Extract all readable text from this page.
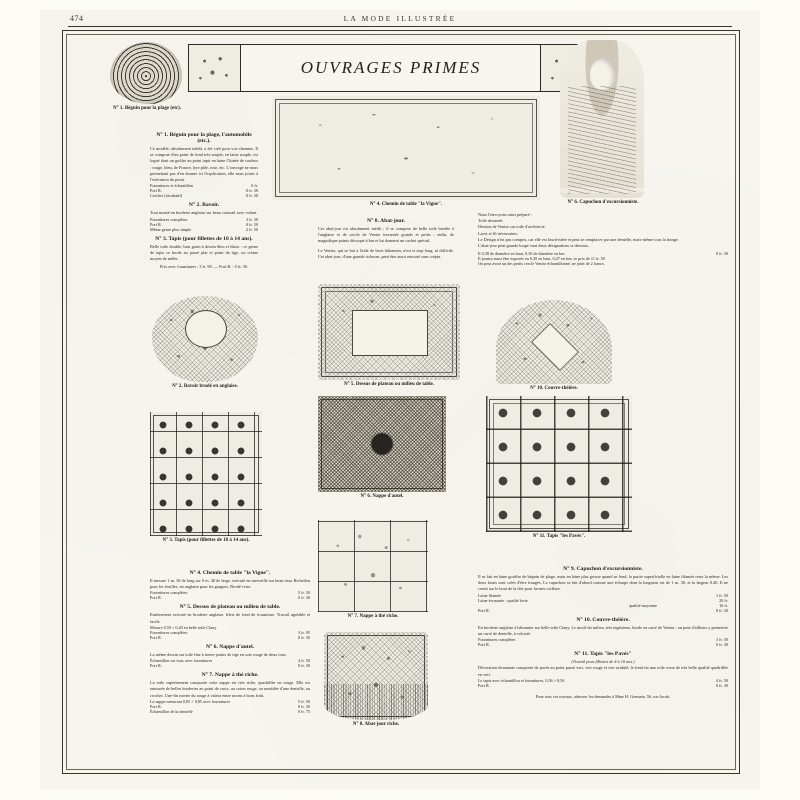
474	LA MODE ILLUSTRÉE
OUVRAGES PRIMES
N° 1. Béguin pour la plage (etc).
N° 4. Chemin de table "la Vigne".	N° 6. Capuchon d'excursionniste.
N° 1. Béguin pour la plage, l'automobile (etc.).
Ce modèle, absolument inédit, a été créé pour vos-chemins. Il se compose d'un point de fond très souple, en laine souple, est logué dont un goûfre au point tapir en laine Chinée de couleur : rouge, bleu, de France, lyre pâle, rose, etc. L'ouvrage ne nous permettant pas d'en donner ici l'explication, elle nous joints à l'exécution du point.
Fournitures et échantillon	6 fr.
Port R.	0 fr. 30
Crochet (facultatif)	0 fr. 30
N° 2. Bavoir.
Tout monté en broderie anglaise sur beau coursail avec volant.
Fournitures complètes	3 fr. 30
Port R.	0 fr. 30
Même genre plus simple	2 fr. 50
N° 3. Tapis (pour fillettes de 10 à 14 ans).
Belle toile double, bast grain à dessin bleu et blanc : ce genre de tapis se brode au passé plat et point de tige, ou crème moyen de mêler.
Prix avec fournitures : 3 fr. 90. — Port R. : 0 fr. 30.
N° 2. Bavoir brodé en anglaise.
N° 8. Abat-jour.
Cet abat-jour est absolument inédit ; il se compose de belle toile brodée à l'anglaise et de cercle de Venise incrustée grands et petits ; enfin, de magnifique points découpé à bar et lui donnent un cachet spécial.
Le Venise, qui se fait à l'aide de lacet bâtonnier, n'est si trop long, ni difficile. Cet abat-jour, d'une grande richesse, peut être aussi entouré sans crépin.
Nous l'envoyons ainsi préparé :
Toile dessinée.
Dessins de Venise sur toile d'architecte.
Lacet et fil nécessaires.
Le Design n'est pas compris, car elle est lourd-mère et peut se remplacer par une dentelle, mais-même tous la frange.
L'abat-jour peut grande loupe vaut deux désignations si-dessous.
Il 0,38 de diamètre en haut, 0,30 de diamètre en bas	0 fr. 30
Il pourra aussi être exposée en 0,30 en haut, 0,47 en bas, se prix de 11 fr. 50
On peut avoir un des petits cercle Venise échantillonné, ne joint de 2 francs.
N° 5. Dessus de plateau ou milieu de table.
N° 10. Couvre-théière.
N° 3. Tapis (pour fillettes de 10 à 14 ans).
N° 6. Nappe d'autel.
N° 11. Tapis "les Pavés".
N° 7. Nappe à thé riche.
N° 8. Abat-jour riche.
N° 4. Chemin de table "la Vigne".
Il mesure 1 m. 30 de long sur 0 m. 40 de large, exécuté en merveille sur beau tissu Richelieu pour les feuilles, en anglaise pour les grappes, Brodé-crise.
Fournitures complètes	5 fr. 50
Port R.	0 fr. 30
N° 5. Dessus de plateau ou milieu de table.
Entièrement exécuté en broderie anglaise, filets de fond de fourniture. Travail agréable et facile.
Mesure 0,50 × 0,40 en belle toile Clany	
Fournitures complètes	3 fr. 95
Port R.	0 fr. 30
N° 6. Nappe d'autel.
La même dessin sur toile fine à trente points de tige en soie rouge de deux tons.
Échantillon sur tour, avec fournitures	4 fr. 50
Port R.	0 fr. 30
N° 7. Nappe à thé riche.
La toile superbement composée cette nappe est très riche, quadrillée en rouge. Elle est entourée de belles broderies au point de croix, au coton rouge, ou meublée d'une dentelle, au crochet. Une-fin merite du rouge à valeur entre moins à bons fraîs.
La nappe mesurant 0,85 × 0,85 avec fournitures	5 fr. 50
Port R.	0 fr. 30
Échantillon de la dentelle	0 fr. 75
N° 9. Capuchon d'excursionniste.
Il se fait en laine gouffre de bégnin de plage, mais en laine plus grosse quand se fond, la partie superficielle en laine filamée reste la même. Les deux bouts sont créés d'être frangés. Le capuchon se fait d'abord comme une écharpe dont la longueur est de 1 m. 30, et la largeur 0,40. Il ne creuit sur le bout de la tête pour former coiffure.
Laine filamée	1 fr. 50
Laine écrasante : qualité forte	20 fr.
qualité moyenne	16 fr.
Port R.	0 fr. 30
N° 10. Couvre-théière.
En broderie anglaise à bâtonnier sur belle toile Clany. Le motif du milieu, très ingénieux, borde en carré de Venise ; on peut d'ailleurs y permettre un carré de dentelle, à volonté.
Fournitures complètes	3 fr. 50
Port R.	0 fr. 30
N° 11. Tapis "les Pavés"
(Travail pour fillettes de 4 à 10 ans.)
Décoration étonnante composée de pavés au point passé vert, vert rouge et vert acidulé; le fond est une toile rosse de très belle qualité quadrillée en vert.
Le tapis avec échantillon et fournitures, 0,56 × 0,56	4 fr. 50
Port R.	0 fr. 30
Pour tous ces travaux, adresser les demandes à Mme H. Germain, 56, rue Jacob.
